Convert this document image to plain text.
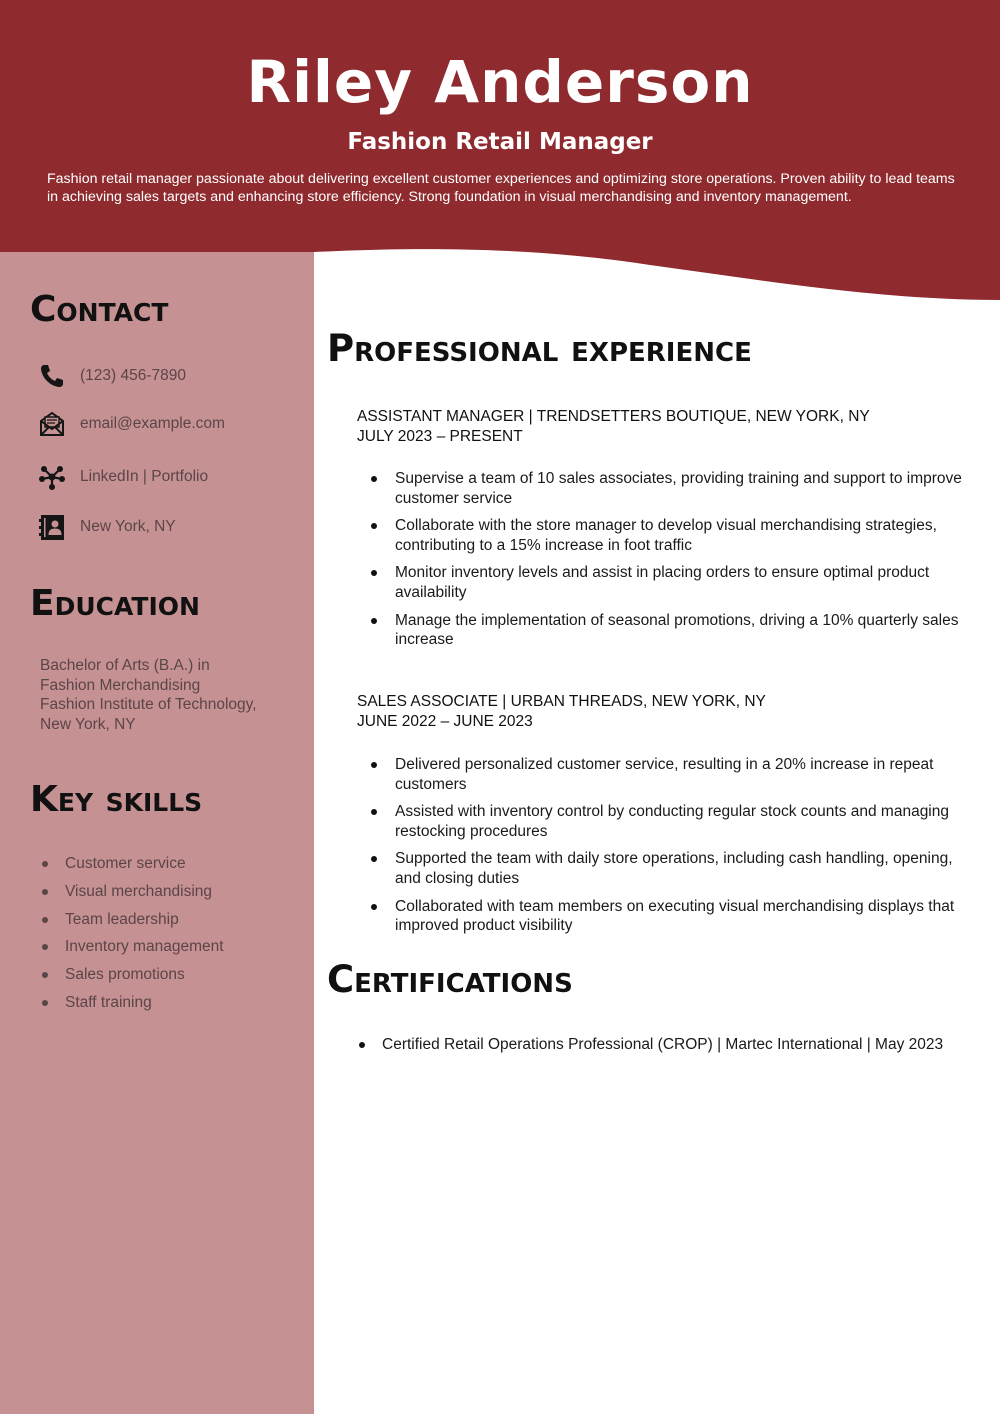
Riley Anderson
Fashion Retail Manager
Fashion retail manager passionate about delivering excellent customer experiences and optimizing store operations. Proven ability to lead teams in achieving sales targets and enhancing store efficiency. Strong foundation in visual merchandising and inventory management.
Contact
(123) 456-7890
email@example.com
LinkedIn | Portfolio
New York, NY
Education
Bachelor of Arts (B.A.) in
Fashion Merchandising
Fashion Institute of Technology,
New York, NY
Key skills
Customer service
Visual merchandising
Team leadership
Inventory management
Sales promotions
Staff training
Professional experience
ASSISTANT MANAGER | TRENDSETTERS BOUTIQUE, NEW YORK, NY
JULY 2023 – PRESENT
Supervise a team of 10 sales associates, providing training and support to improve customer service
Collaborate with the store manager to develop visual merchandising strategies, contributing to a 15% increase in foot traffic
Monitor inventory levels and assist in placing orders to ensure optimal product availability
Manage the implementation of seasonal promotions, driving a 10% quarterly sales increase
SALES ASSOCIATE | URBAN THREADS, NEW YORK, NY
JUNE 2022 – JUNE 2023
Delivered personalized customer service, resulting in a 20% increase in repeat customers
Assisted with inventory control by conducting regular stock counts and managing restocking procedures
Supported the team with daily store operations, including cash handling, opening, and closing duties
Collaborated with team members on executing visual merchandising displays that improved product visibility
Certifications
Certified Retail Operations Professional (CROP) | Martec International | May 2023
